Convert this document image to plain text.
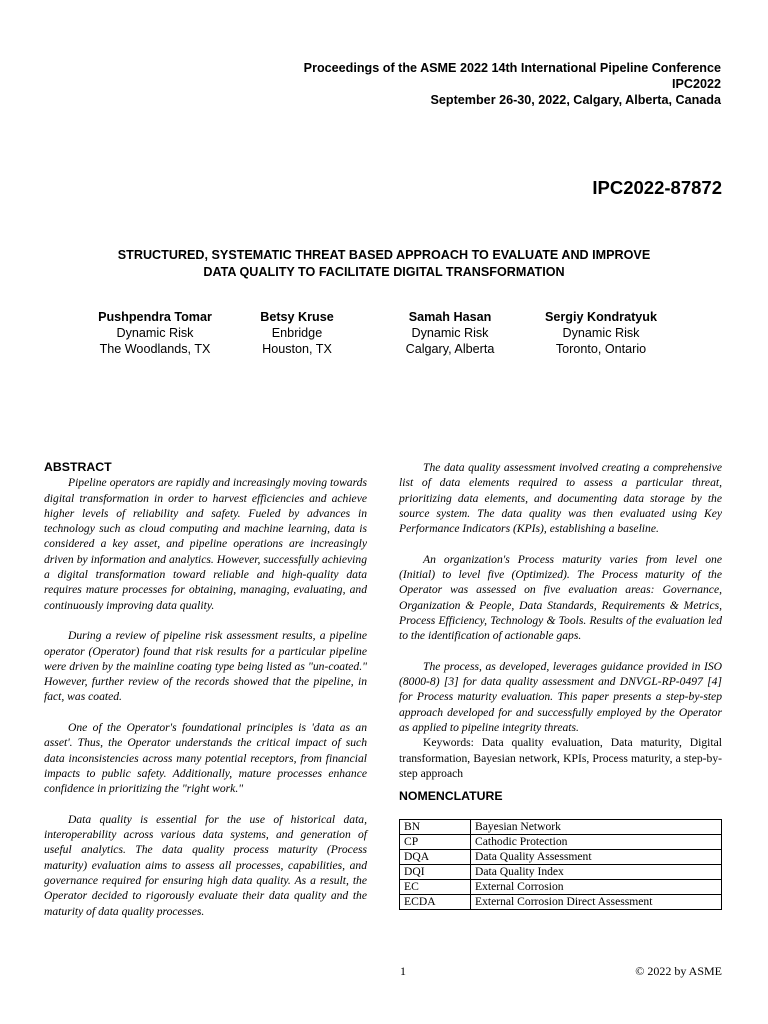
Proceedings of the ASME 2022 14th International Pipeline Conference
IPC2022
September 26-30, 2022, Calgary, Alberta, Canada
IPC2022-87872
STRUCTURED, SYSTEMATIC THREAT BASED APPROACH TO EVALUATE AND IMPROVE
DATA QUALITY TO FACILITATE DIGITAL TRANSFORMATION
Pushpendra Tomar
Dynamic Risk
The Woodlands, TX
Betsy Kruse
Enbridge
Houston, TX
Samah Hasan
Dynamic Risk
Calgary, Alberta
Sergiy Kondratyuk
Dynamic Risk
Toronto, Ontario
ABSTRACT

Pipeline operators are rapidly and increasingly moving towards digital transformation in order to harvest efficiencies and achieve higher levels of reliability and safety. Fueled by advances in technology such as cloud computing and machine learning, data is considered a key asset, and pipeline operations are increasingly driven by information and analytics. However, successfully achieving a digital transformation toward reliable and high-quality data requires mature processes for obtaining, managing, evaluating, and continuously improving data quality.

During a review of pipeline risk assessment results, a pipeline operator (Operator) found that risk results for a particular pipeline were driven by the mainline coating type being listed as "un-coated." However, further review of the records showed that the pipeline, in fact, was coated.

One of the Operator's foundational principles is 'data as an asset'. Thus, the Operator understands the critical impact of such data inconsistencies across many potential receptors, from financial impacts to public safety. Additionally, mature processes enhance confidence in prioritizing the "right work."

Data quality is essential for the use of historical data, interoperability across various data systems, and generation of useful analytics. The data quality process maturity (Process maturity) evaluation aims to assess all processes, capabilities, and governance required for ensuring high data quality. As a result, the Operator decided to rigorously evaluate their data quality and the maturity of data quality processes.

The data quality assessment involved creating a comprehensive list of data elements required to assess a particular threat, prioritizing data elements, and documenting data storage by the source system. The data quality was then evaluated using Key Performance Indicators (KPIs), establishing a baseline.

An organization's Process maturity varies from level one (Initial) to level five (Optimized). The Process maturity of the Operator was assessed on five evaluation areas: Governance, Organization & People, Data Standards, Requirements & Metrics, Process Efficiency, Technology & Tools. Results of the evaluation led to the identification of actionable gaps.

The process, as developed, leverages guidance provided in ISO (8000-8) [3] for data quality assessment and DNVGL-RP-0497 [4] for Process maturity evaluation. This paper presents a step-by-step approach developed for and successfully employed by the Operator as applied to pipeline integrity threats.

Keywords: Data quality evaluation, Data maturity, Digital transformation, Bayesian network, KPIs, Process maturity, a step-by-step approach

NOMENCLATURE
BN	Bayesian Network
CP	Cathodic Protection
DQA	Data Quality Assessment
DQI	Data Quality Index
EC	External Corrosion
ECDA	External Corrosion Direct Assessment
1	© 2022 by ASME
